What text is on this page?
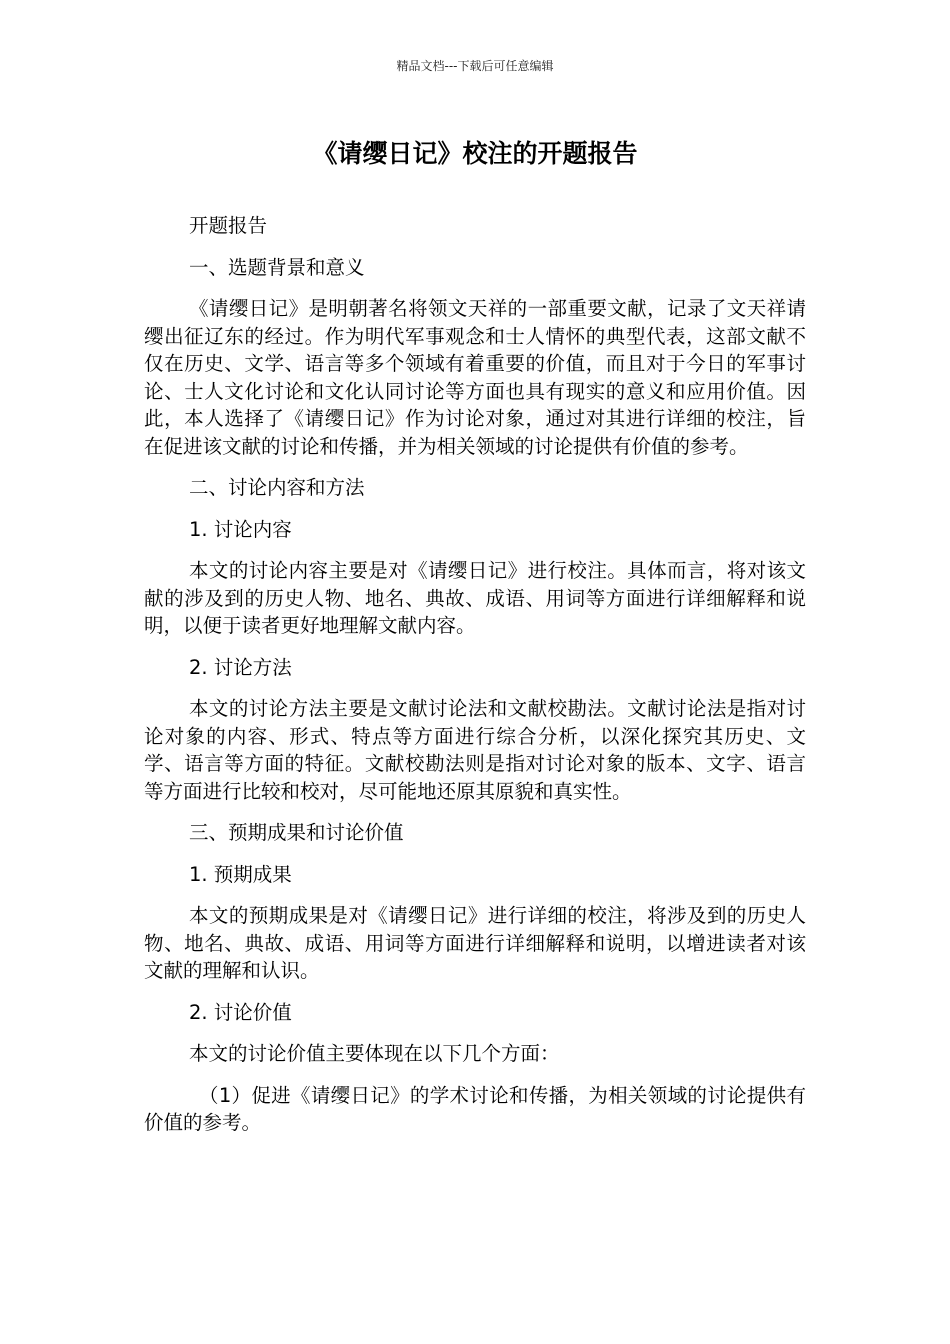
精品文档---下载后可任意编辑
《请缨日记》校注的开题报告

开题报告

一、选题背景和意义

《请缨日记》是明朝著名将领文天祥的一部重要文献，记录了文天祥请缨出征辽东的经过。作为明代军事观念和士人情怀的典型代表，这部文献不仅在历史、文学、语言等多个领域有着重要的价值，而且对于今日的军事讨论、士人文化讨论和文化认同讨论等方面也具有现实的意义和应用价值。因此，本人选择了《请缨日记》作为讨论对象，通过对其进行详细的校注，旨在促进该文献的讨论和传播，并为相关领域的讨论提供有价值的参考。

二、讨论内容和方法

1. 讨论内容

本文的讨论内容主要是对《请缨日记》进行校注。具体而言，将对该文献的涉及到的历史人物、地名、典故、成语、用词等方面进行详细解释和说明，以便于读者更好地理解文献内容。

2. 讨论方法

本文的讨论方法主要是文献讨论法和文献校勘法。文献讨论法是指对讨论对象的内容、形式、特点等方面进行综合分析，以深化探究其历史、文学、语言等方面的特征。文献校勘法则是指对讨论对象的版本、文字、语言等方面进行比较和校对，尽可能地还原其原貌和真实性。

三、预期成果和讨论价值

1. 预期成果

本文的预期成果是对《请缨日记》进行详细的校注，将涉及到的历史人物、地名、典故、成语、用词等方面进行详细解释和说明，以增进读者对该文献的理解和认识。

2. 讨论价值

本文的讨论价值主要体现在以下几个方面：

（1）促进《请缨日记》的学术讨论和传播，为相关领域的讨论提供有价值的参考。
